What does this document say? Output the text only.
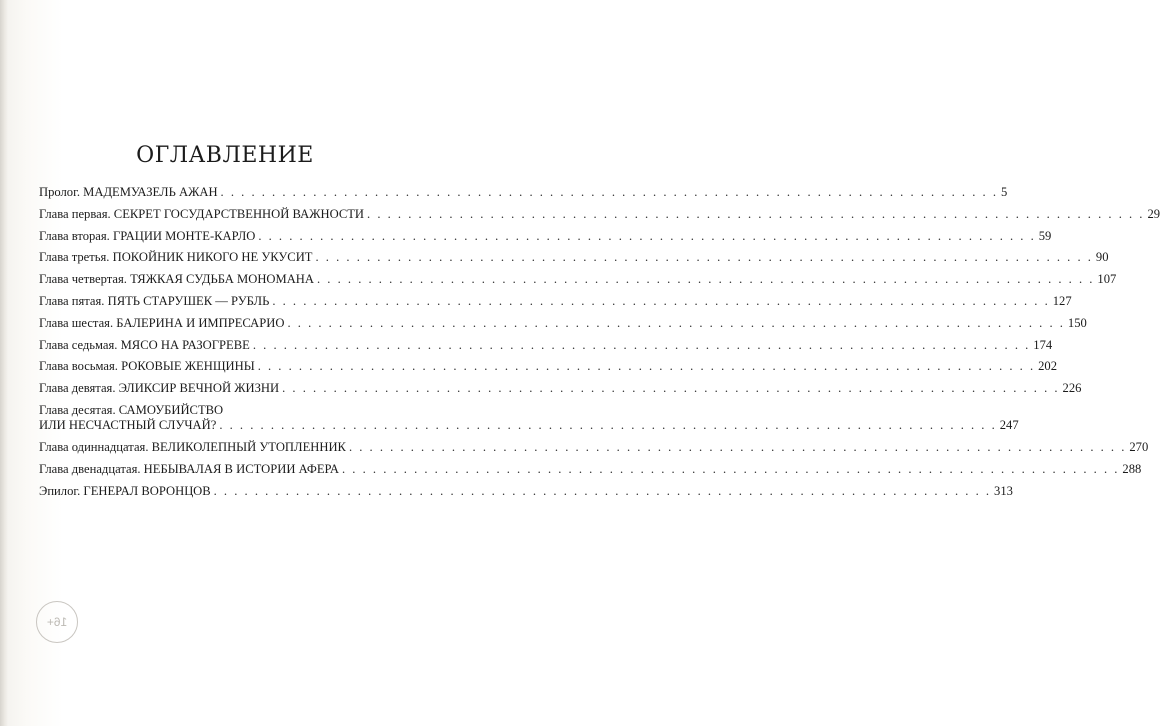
ОГЛАВЛЕНИЕ
Пролог. МАДЕМУАЗЕЛЬ АЖАН . . .	5
Глава первая. СЕКРЕТ ГОСУДАРСТВЕННОЙ ВАЖНОСТИ . . .	29
Глава вторая. ГРАЦИИ МОНТЕ-КАРЛО . . .	59
Глава третья. ПОКОЙНИК НИКОГО НЕ УКУСИТ . . .	90
Глава четвертая. ТЯЖКАЯ СУДЬБА МОНОМАНА . . .	107
Глава пятая. ПЯТЬ СТАРУШЕК — РУБЛЬ . . .	127
Глава шестая. БАЛЕРИНА И ИМПРЕСАРИО . . .	150
Глава седьмая. МЯСО НА РАЗОГРЕВЕ . . .	174
Глава восьмая. РОКОВЫЕ ЖЕНЩИНЫ . . .	202
Глава девятая. ЭЛИКСИР ВЕЧНОЙ ЖИЗНИ . . .	226
Глава десятая. САМОУБИЙСТВО
ИЛИ НЕСЧАСТНЫЙ СЛУЧАЙ? . . .	247
Глава одиннадцатая. ВЕЛИКОЛЕПНЫЙ УТОПЛЕННИК . . .	270
Глава двенадцатая. НЕБЫВАЛАЯ В ИСТОРИИ АФЕРА . . .	288
Эпилог. ГЕНЕРАЛ ВОРОНЦОВ . . .	313
16+
